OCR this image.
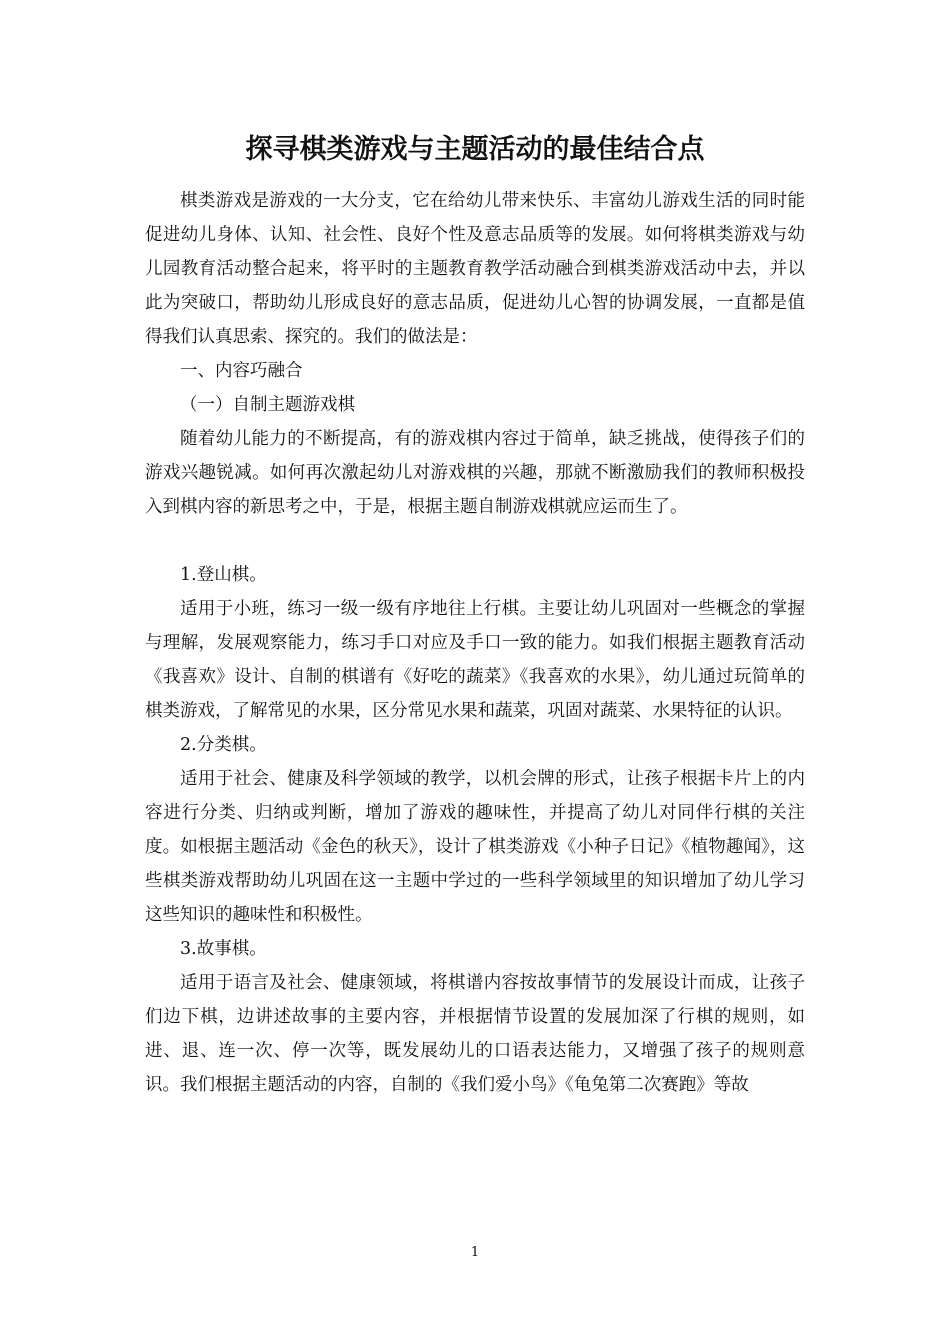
探寻棋类游戏与主题活动的最佳结合点

棋类游戏是游戏的一大分支，它在给幼儿带来快乐、丰富幼儿游戏生活的同时能促进幼儿身体、认知、社会性、良好个性及意志品质等的发展。如何将棋类游戏与幼儿园教育活动整合起来，将平时的主题教育教学活动融合到棋类游戏活动中去，并以此为突破口，帮助幼儿形成良好的意志品质，促进幼儿心智的协调发展，一直都是值得我们认真思索、探究的。我们的做法是：

一、内容巧融合

（一）自制主题游戏棋

随着幼儿能力的不断提高，有的游戏棋内容过于简单，缺乏挑战，使得孩子们的游戏兴趣锐减。如何再次激起幼儿对游戏棋的兴趣，那就不断激励我们的教师积极投入到棋内容的新思考之中，于是，根据主题自制游戏棋就应运而生了。

1.登山棋。

适用于小班，练习一级一级有序地往上行棋。主要让幼儿巩固对一些概念的掌握与理解，发展观察能力，练习手口对应及手口一致的能力。如我们根据主题教育活动《我喜欢》设计、自制的棋谱有《好吃的蔬菜》《我喜欢的水果》，幼儿通过玩简单的棋类游戏，了解常见的水果，区分常见水果和蔬菜，巩固对蔬菜、水果特征的认识。

2.分类棋。

适用于社会、健康及科学领域的教学，以机会牌的形式，让孩子根据卡片上的内容进行分类、归纳或判断，增加了游戏的趣味性，并提高了幼儿对同伴行棋的关注度。如根据主题活动《金色的秋天》，设计了棋类游戏《小种子日记》《植物趣闻》，这些棋类游戏帮助幼儿巩固在这一主题中学过的一些科学领域里的知识增加了幼儿学习这些知识的趣味性和积极性。

3.故事棋。

适用于语言及社会、健康领域，将棋谱内容按故事情节的发展设计而成，让孩子们边下棋，边讲述故事的主要内容，并根据情节设置的发展加深了行棋的规则，如进、退、连一次、停一次等，既发展幼儿的口语表达能力，又增强了孩子的规则意识。我们根据主题活动的内容，自制的《我们爱小鸟》《龟兔第二次赛跑》等故

1
